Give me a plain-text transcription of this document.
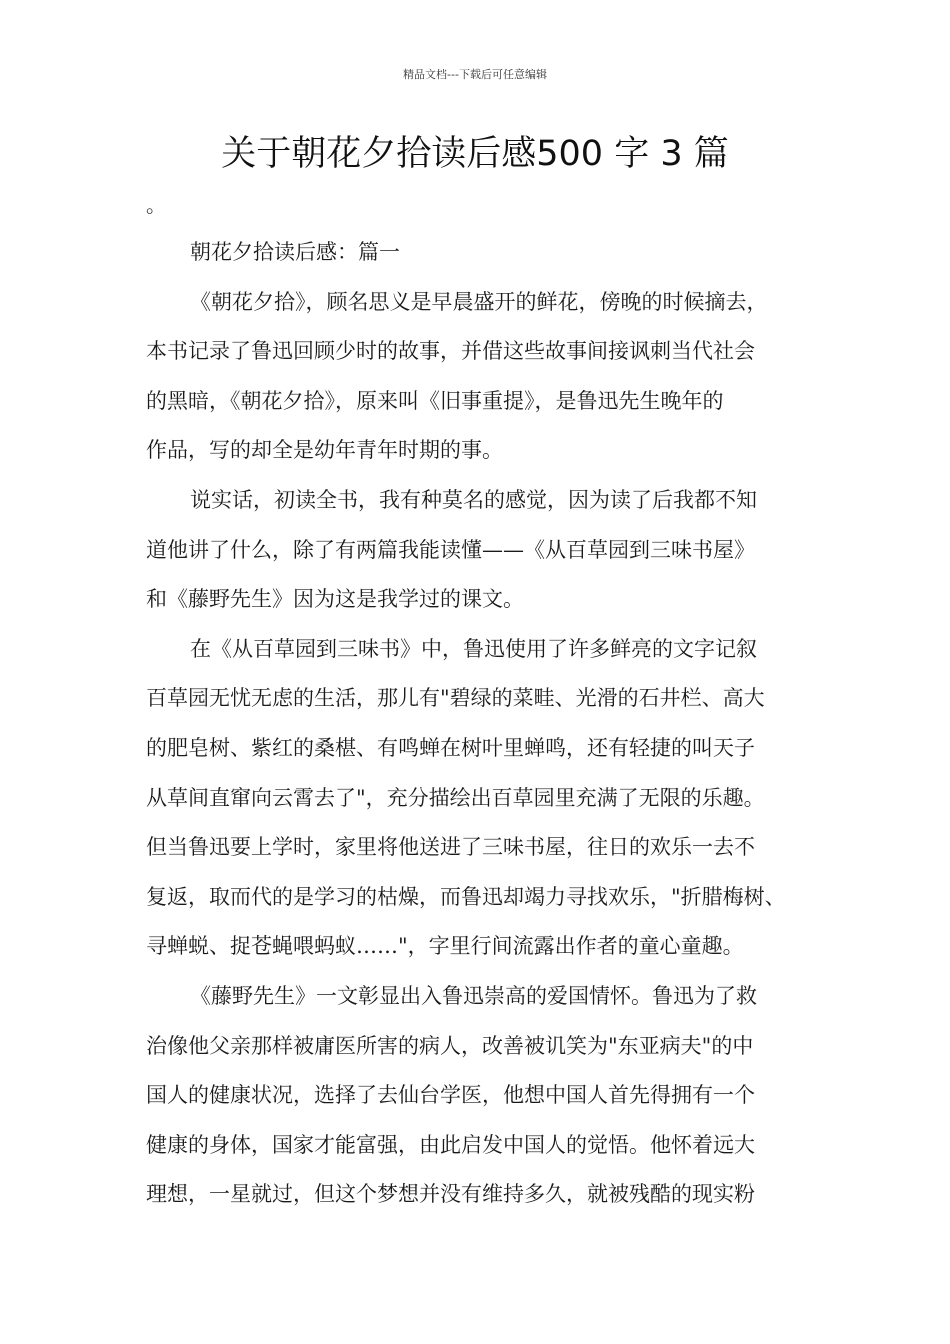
精品文档---下载后可任意编辑
关于朝花夕拾读后感500 字 3 篇
。
朝花夕拾读后感：篇一
《朝花夕拾》，顾名思义是早晨盛开的鲜花，傍晚的时候摘去，
本书记录了鲁迅回顾少时的故事，并借这些故事间接讽刺当代社会
的黑暗，《朝花夕拾》，原来叫《旧事重提》，是鲁迅先生晚年的
作品，写的却全是幼年青年时期的事。
说实话，初读全书，我有种莫名的感觉，因为读了后我都不知
道他讲了什么，除了有两篇我能读懂——《从百草园到三味书屋》
和《藤野先生》因为这是我学过的课文。
在《从百草园到三味书》中，鲁迅使用了许多鲜亮的文字记叙
百草园无忧无虑的生活，那儿有"碧绿的菜畦、光滑的石井栏、高大
的肥皂树、紫红的桑椹、有鸣蝉在树叶里蝉鸣，还有轻捷的叫天子
从草间直窜向云霄去了"，充分描绘出百草园里充满了无限的乐趣。
但当鲁迅要上学时，家里将他送进了三味书屋，往日的欢乐一去不
复返，取而代的是学习的枯燥，而鲁迅却竭力寻找欢乐，"折腊梅树、
寻蝉蜕、捉苍蝇喂蚂蚁……"，字里行间流露出作者的童心童趣。
《藤野先生》一文彰显出入鲁迅崇高的爱国情怀。鲁迅为了救
治像他父亲那样被庸医所害的病人，改善被讥笑为"东亚病夫"的中
国人的健康状况，选择了去仙台学医，他想中国人首先得拥有一个
健康的身体，国家才能富强，由此启发中国人的觉悟。他怀着远大
理想，一星就过，但这个梦想并没有维持多久，就被残酷的现实粉
